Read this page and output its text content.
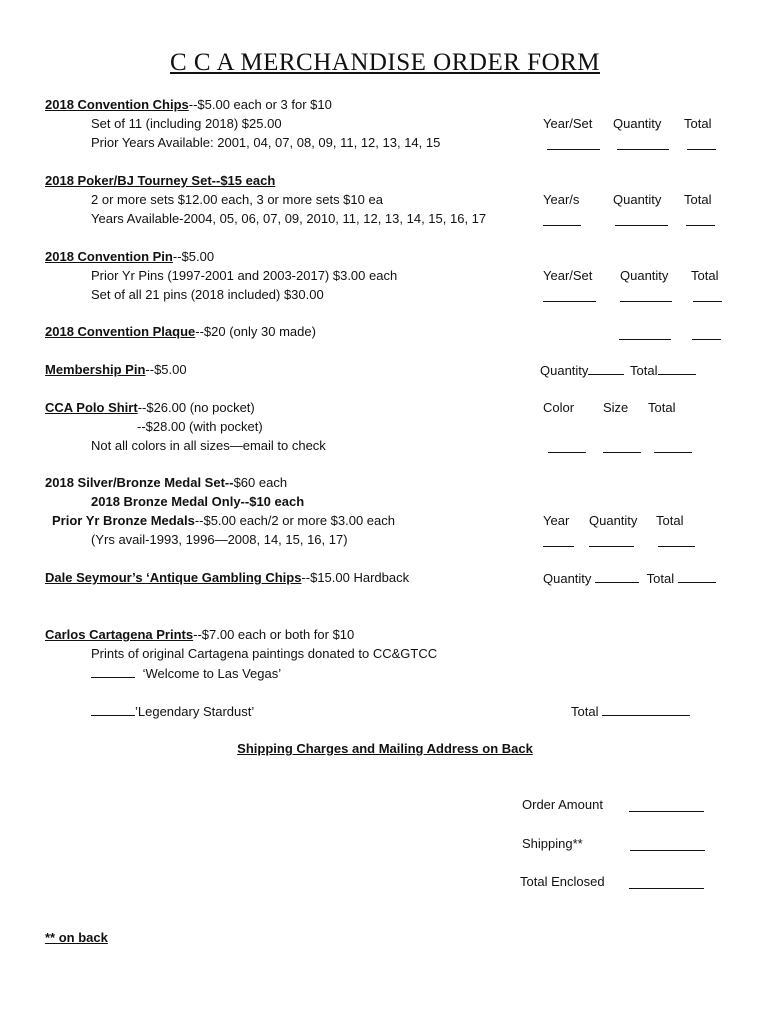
C C A MERCHANDISE ORDER FORM
2018 Convention Chips--$5.00 each or 3 for $10
Set of 11 (including 2018) $25.00
Prior Years Available: 2001, 04, 07, 08, 09, 11, 12, 13, 14, 15
Year/Set Quantity Total
2018 Poker/BJ Tourney Set--$15 each
2 or more sets $12.00 each, 3 or more sets $10 ea
Years Available-2004, 05, 06, 07, 09, 2010, 11, 12, 13, 14, 15, 16, 17
Year/s	Quantity Total
2018 Convention Pin--$5.00
Prior Yr Pins (1997-2001 and 2003-2017) $3.00 each
Set of all 21 pins (2018 included) $30.00
Year/Set Quantity Total
2018 Convention Plaque--$20 (only 30 made)
Membership Pin--$5.00	Quantity	Total
CCA Polo Shirt--$26.00 (no pocket)
--$28.00 (with pocket)
Not all colors in all sizes—email to check
Color Size Total
2018 Silver/Bronze Medal Set--$60 each
2018 Bronze Medal Only--$10 each
Prior Yr Bronze Medals--$5.00 each/2 or more $3.00 each
(Yrs avail-1993, 1996—2008, 14, 15, 16, 17)
Year Quantity Total
Dale Seymour’s ‘Antique Gambling Chips--$15.00 Hardback	Quantity	Total
Carlos Cartagena Prints--$7.00 each or both for $10
Prints of original Cartagena paintings donated to CC&GTCC
‘Welcome to Las Vegas’
’Legendary Stardust’	Total
Shipping Charges and Mailing Address on Back
Order Amount
Shipping**
Total Enclosed
** on back
